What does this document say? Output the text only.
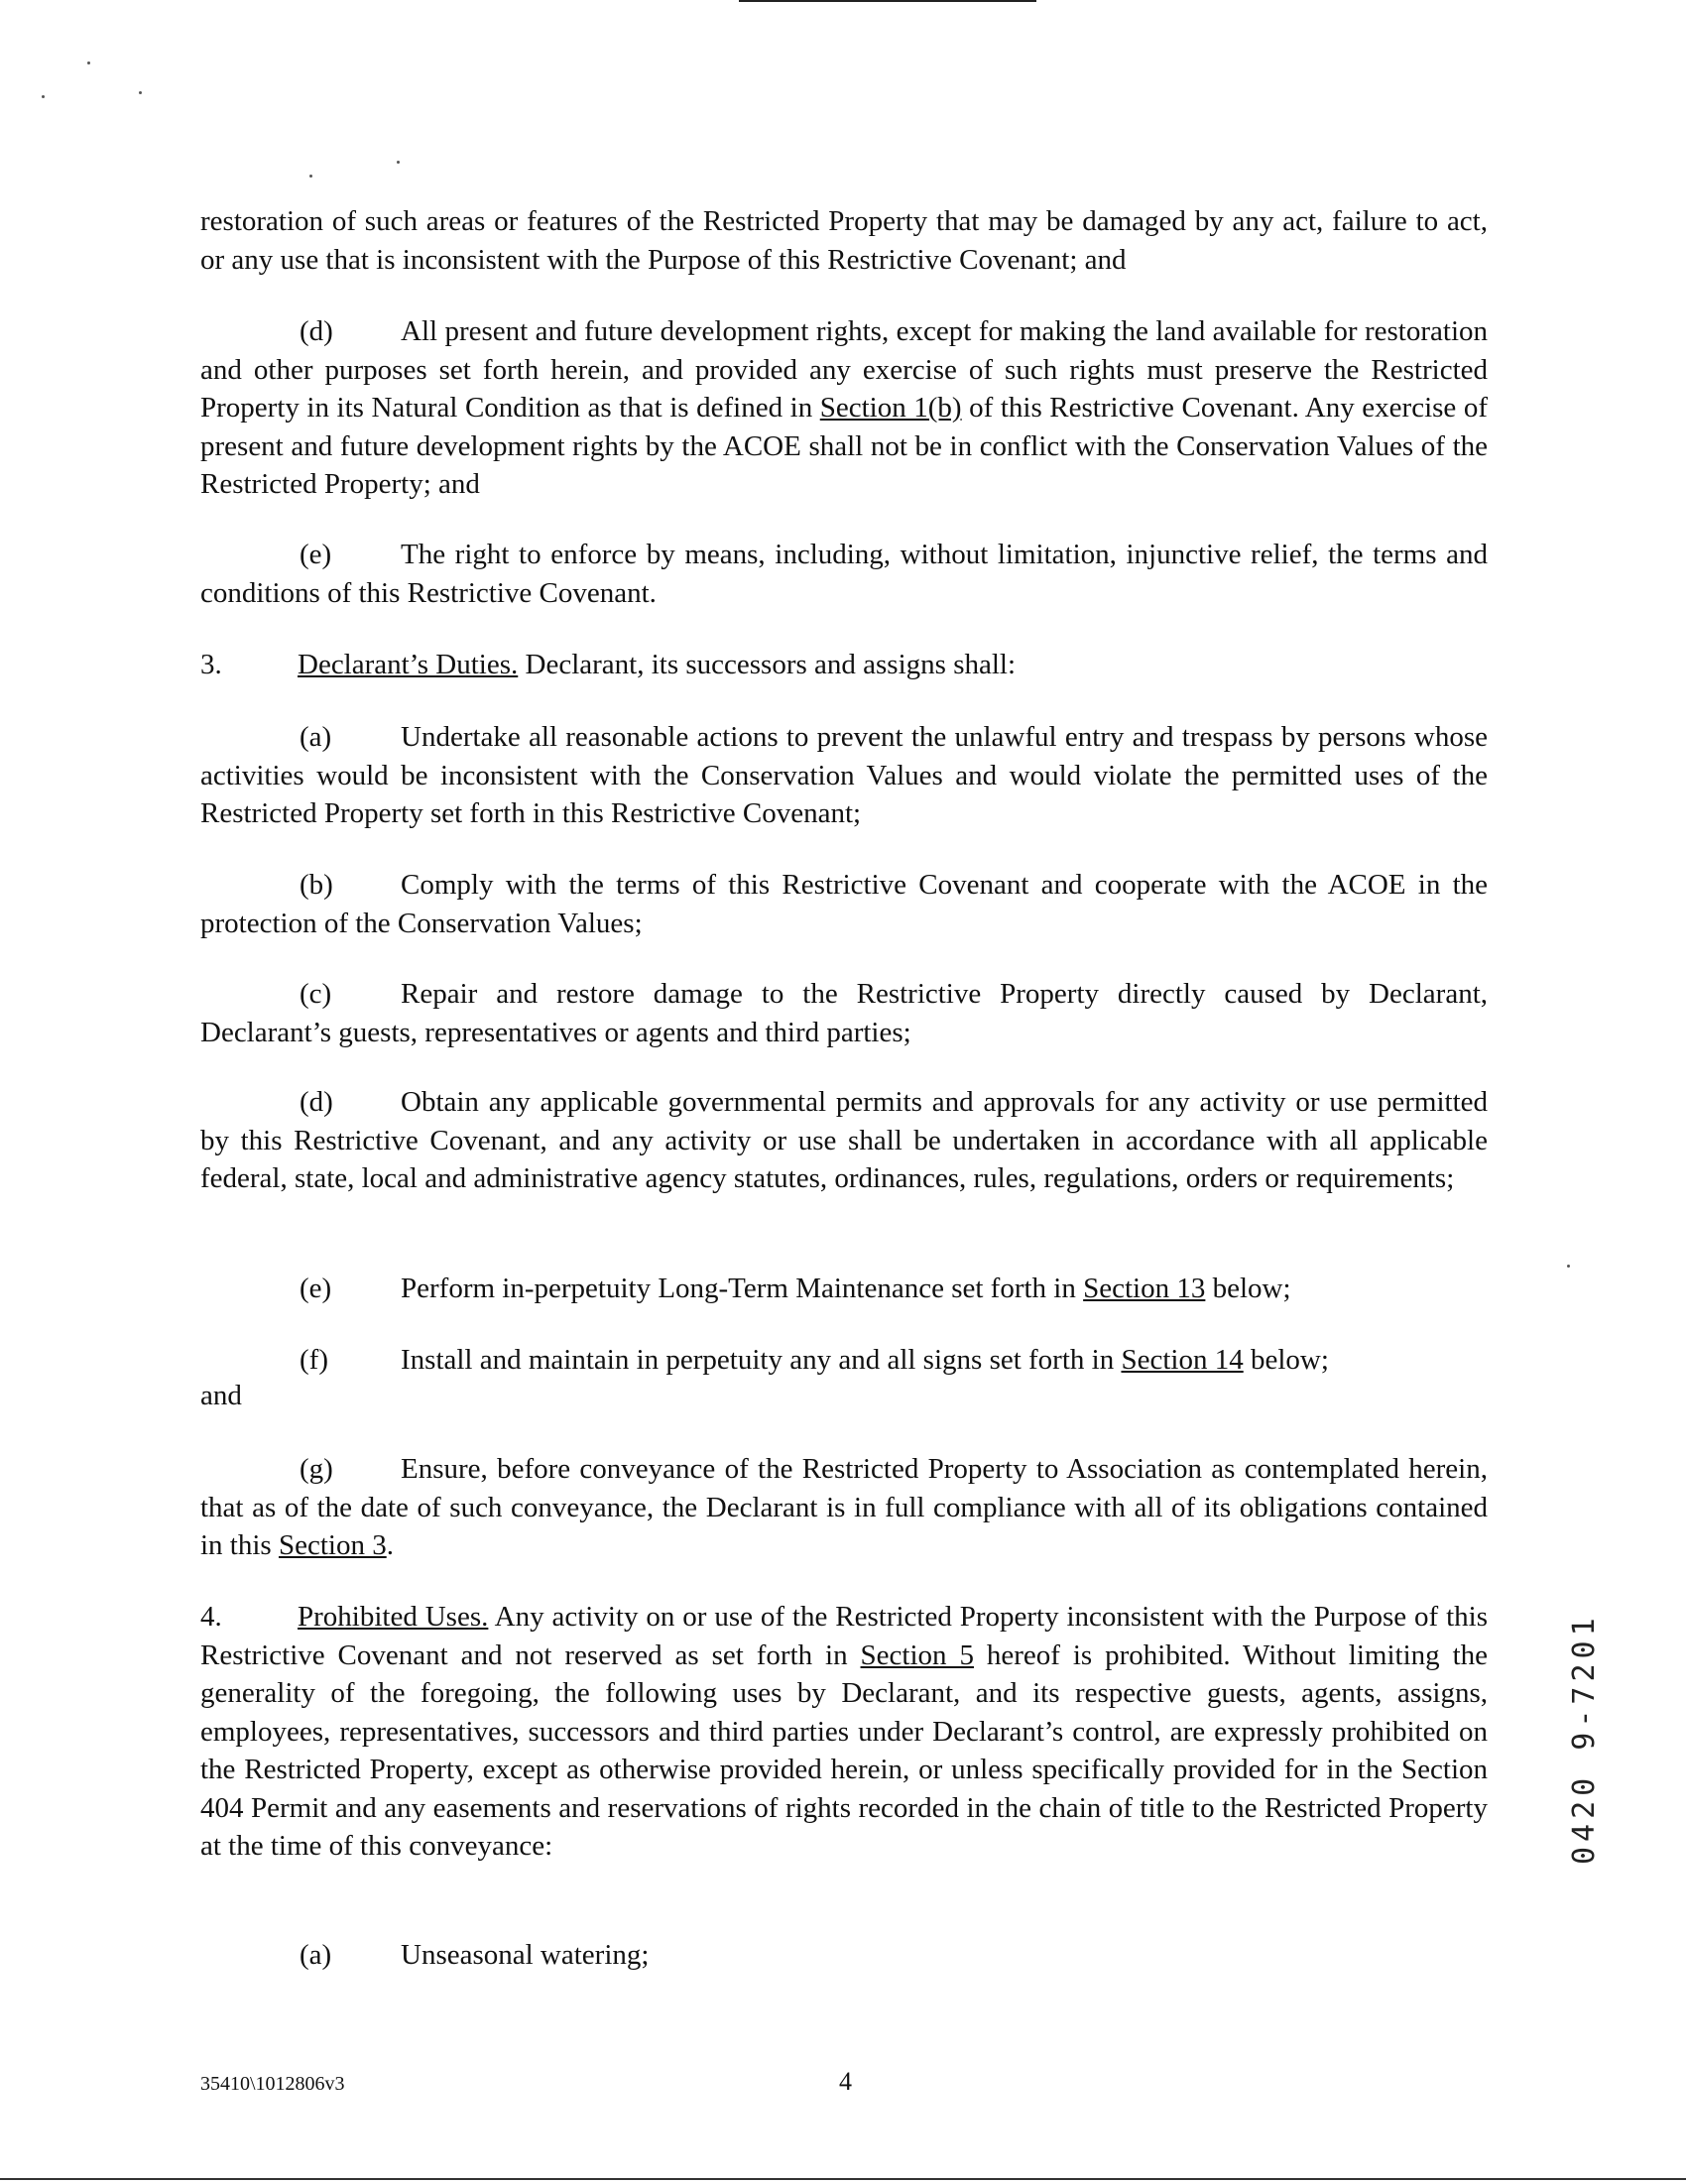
restoration of such areas or features of the Restricted Property that may be damaged by any act, failure to act, or any use that is inconsistent with the Purpose of this Restrictive Covenant; and

(d) All present and future development rights, except for making the land available for restoration and other purposes set forth herein, and provided any exercise of such rights must preserve the Restricted Property in its Natural Condition as that is defined in Section 1(b) of this Restrictive Covenant. Any exercise of present and future development rights by the ACOE shall not be in conflict with the Conservation Values of the Restricted Property; and

(e) The right to enforce by means, including, without limitation, injunctive relief, the terms and conditions of this Restrictive Covenant.

3.	Declarant’s Duties. Declarant, its successors and assigns shall:

(a) Undertake all reasonable actions to prevent the unlawful entry and trespass by persons whose activities would be inconsistent with the Conservation Values and would violate the permitted uses of the Restricted Property set forth in this Restrictive Covenant;

(b) Comply with the terms of this Restrictive Covenant and cooperate with the ACOE in the protection of the Conservation Values;

(c) Repair and restore damage to the Restrictive Property directly caused by Declarant, Declarant’s guests, representatives or agents and third parties;

(d) Obtain any applicable governmental permits and approvals for any activity or use permitted by this Restrictive Covenant, and any activity or use shall be undertaken in accordance with all applicable federal, state, local and administrative agency statutes, ordinances, rules, regulations, orders or requirements;

(e) Perform in-perpetuity Long-Term Maintenance set forth in Section 13 below;

(f)	Install and maintain in perpetuity any and all signs set forth in Section 14 below;

and

(g) Ensure, before conveyance of the Restricted Property to Association as contemplated herein, that as of the date of such conveyance, the Declarant is in full compliance with all of its obligations contained in this Section 3.

4.	Prohibited Uses. Any activity on or use of the Restricted Property inconsistent with the Purpose of this Restrictive Covenant and not reserved as set forth in Section 5 hereof is prohibited. Without limiting the generality of the foregoing, the following uses by Declarant, and its respective guests, agents, assigns, employees, representatives, successors and third parties under Declarant’s control, are expressly prohibited on the Restricted Property, except as otherwise provided herein, or unless specifically provided for in the Section 404 Permit and any easements and reservations of rights recorded in the chain of title to the Restricted Property at the time of this conveyance:

(a) Unseasonal watering;

0420 9-7201
35410\1012806v3	4
